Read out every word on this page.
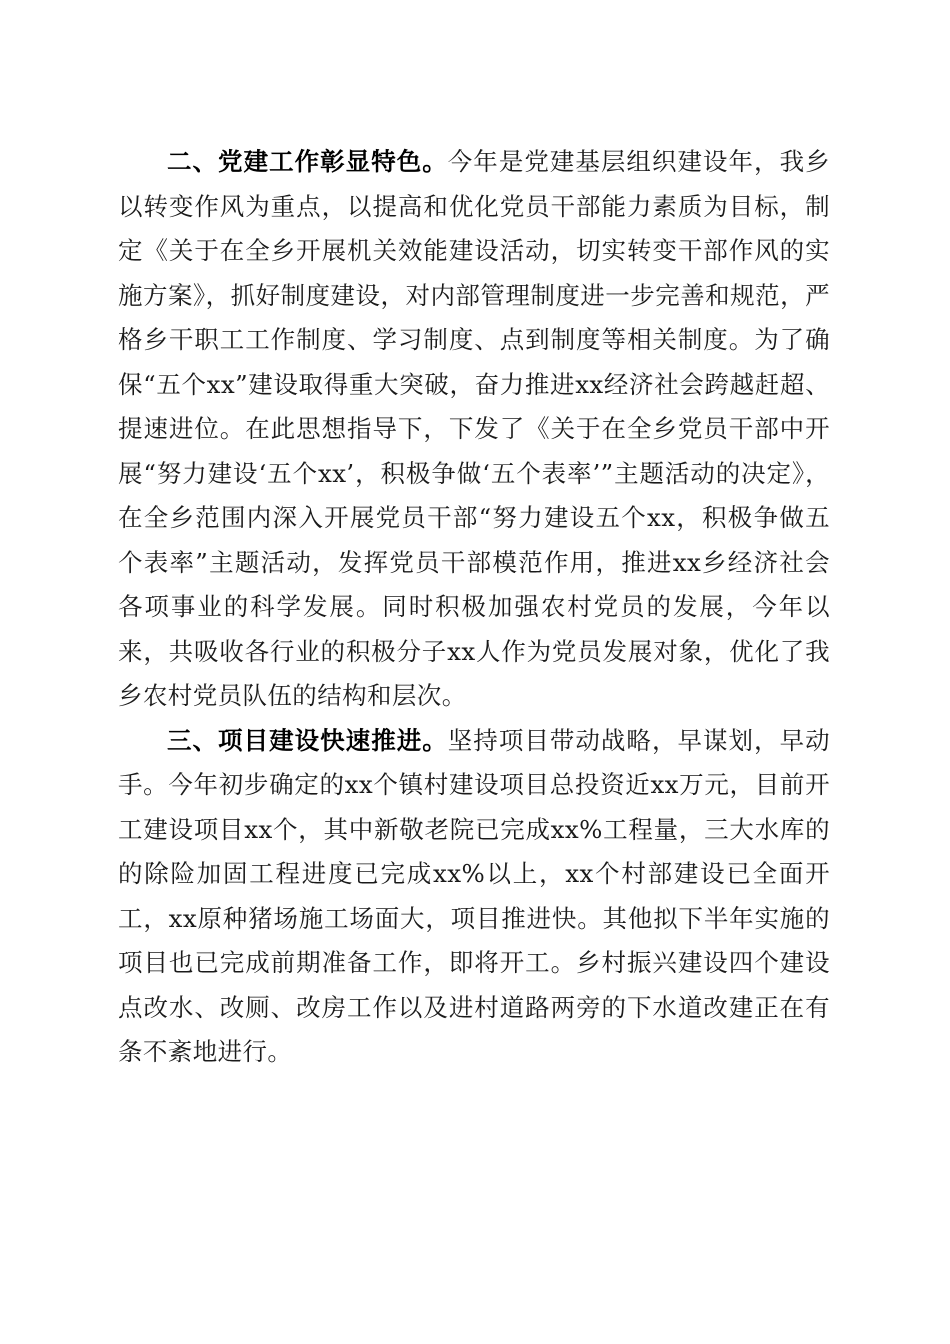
二、党建工作彰显特色。今年是党建基层组织建设年，我乡以转变作风为重点，以提高和优化党员干部能力素质为目标，制定《关于在全乡开展机关效能建设活动，切实转变干部作风的实施方案》，抓好制度建设，对内部管理制度进一步完善和规范，严格乡干职工工作制度、学习制度、点到制度等相关制度。为了确保“五个xx”建设取得重大突破，奋力推进xx经济社会跨越赶超、提速进位。在此思想指导下，下发了《关于在全乡党员干部中开展“努力建设‘五个xx’，积极争做‘五个表率’”主题活动的决定》，在全乡范围内深入开展党员干部“努力建设五个xx，积极争做五个表率”主题活动，发挥党员干部模范作用，推进xx乡经济社会各项事业的科学发展。同时积极加强农村党员的发展，今年以来，共吸收各行业的积极分子xx人作为党员发展对象，优化了我乡农村党员队伍的结构和层次。

三、项目建设快速推进。坚持项目带动战略，早谋划，早动手。今年初步确定的xx个镇村建设项目总投资近xx万元，目前开工建设项目xx个，其中新敬老院已完成xx%工程量，三大水库的的除险加固工程进度已完成xx%以上，xx个村部建设已全面开工，xx原种猪场施工场面大，项目推进快。其他拟下半年实施的项目也已完成前期准备工作，即将开工。乡村振兴建设四个建设点改水、改厕、改房工作以及进村道路两旁的下水道改建正在有条不紊地进行。
